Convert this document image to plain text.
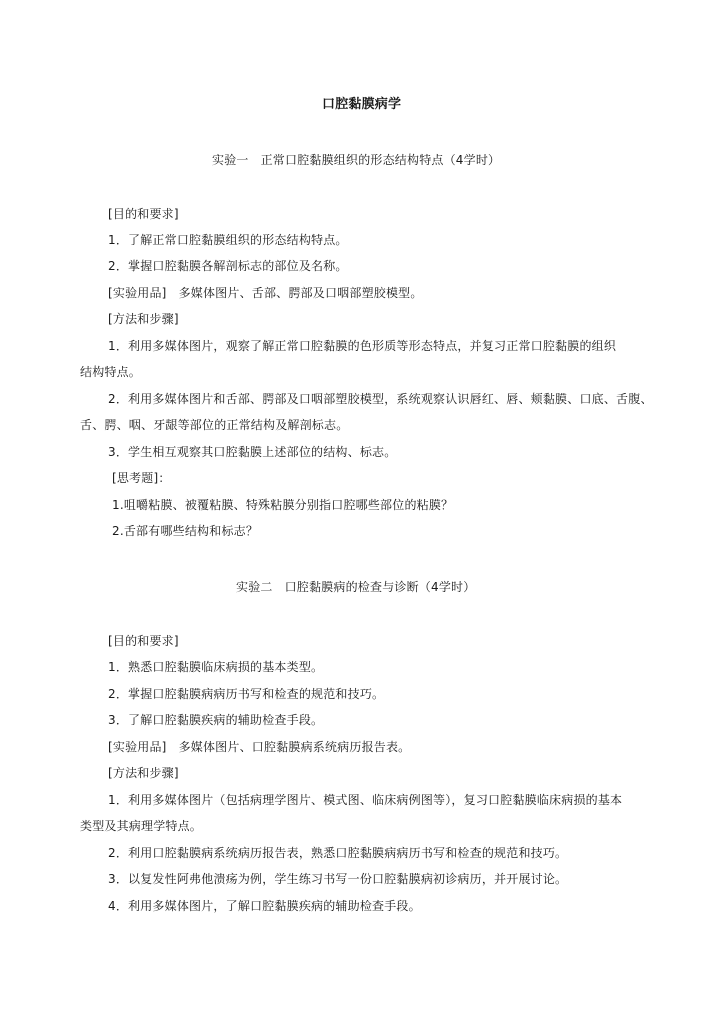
口腔黏膜病学
实验一 正常口腔黏膜组织的形态结构特点（4学时）
[目的和要求]
1．了解正常口腔黏膜组织的形态结构特点。
2．掌握口腔黏膜各解剖标志的部位及名称。
[实验用品] 多媒体图片、舌部、腭部及口咽部塑胶模型。
[方法和步骤]
1．利用多媒体图片，观察了解正常口腔黏膜的色形质等形态特点，并复习正常口腔黏膜的组织
结构特点。
2．利用多媒体图片和舌部、腭部及口咽部塑胶模型，系统观察认识唇红、唇、颊黏膜、口底、舌腹、
舌、腭、咽、牙龈等部位的正常结构及解剖标志。
3．学生相互观察其口腔黏膜上述部位的结构、标志。
[思考题]：
1.咀嚼粘膜、被覆粘膜、特殊粘膜分别指口腔哪些部位的粘膜？
2.舌部有哪些结构和标志？
实验二 口腔黏膜病的检查与诊断（4学时）
[目的和要求]
1．熟悉口腔黏膜临床病损的基本类型。
2．掌握口腔黏膜病病历书写和检查的规范和技巧。
3．了解口腔黏膜疾病的辅助检查手段。
[实验用品] 多媒体图片、口腔黏膜病系统病历报告表。
[方法和步骤]
1．利用多媒体图片（包括病理学图片、模式图、临床病例图等），复习口腔黏膜临床病损的基本
类型及其病理学特点。
2．利用口腔黏膜病系统病历报告表，熟悉口腔黏膜病病历书写和检查的规范和技巧。
3．以复发性阿弗他溃疡为例，学生练习书写一份口腔黏膜病初诊病历，并开展讨论。
4．利用多媒体图片，了解口腔黏膜疾病的辅助检查手段。
